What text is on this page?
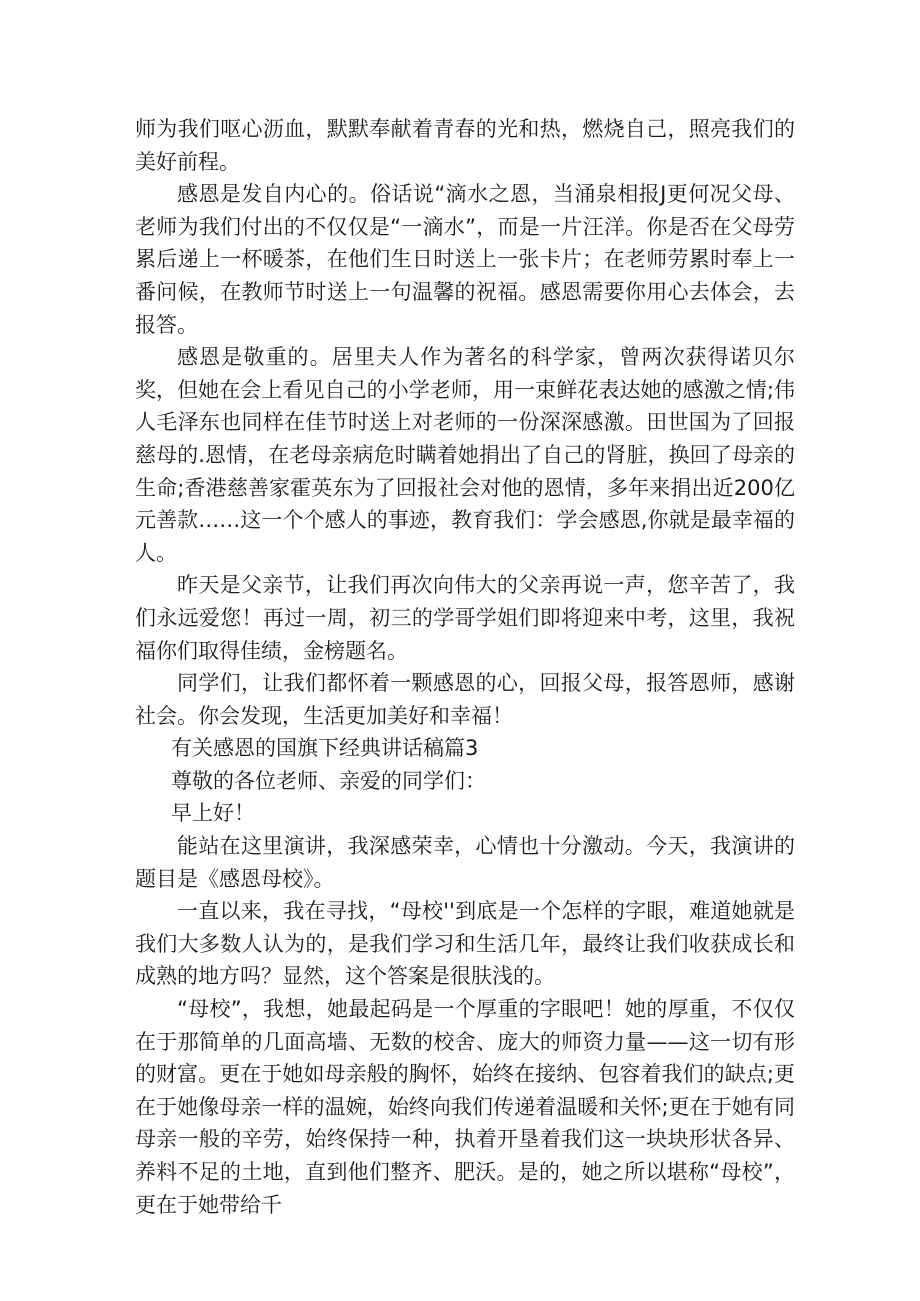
师为我们呕心沥血，默默奉献着青春的光和热，燃烧自己，照亮我们的美好前程。

感恩是发自内心的。俗话说“滴水之恩，当涌泉相报J更何况父母、老师为我们付出的不仅仅是“一滴水”，而是一片汪洋。你是否在父母劳累后递上一杯暖茶，在他们生日时送上一张卡片；在老师劳累时奉上一番问候，在教师节时送上一句温馨的祝福。感恩需要你用心去体会，去报答。

感恩是敬重的。居里夫人作为著名的科学家，曾两次获得诺贝尔奖，但她在会上看见自己的小学老师，用一束鲜花表达她的感激之情;伟人毛泽东也同样在佳节时送上对老师的一份深深感激。田世国为了回报慈母的.恩情，在老母亲病危时瞒着她捐出了自己的肾脏，换回了母亲的生命;香港慈善家霍英东为了回报社会对他的恩情，多年来捐出近200亿元善款……这一个个感人的事迹，教育我们：学会感恩,你就是最幸福的人。

昨天是父亲节，让我们再次向伟大的父亲再说一声，您辛苦了，我们永远爱您！再过一周，初三的学哥学姐们即将迎来中考，这里，我祝福你们取得佳绩，金榜题名。

同学们，让我们都怀着一颗感恩的心，回报父母，报答恩师，感谢社会。你会发现，生活更加美好和幸福！

有关感恩的国旗下经典讲话稿篇3

尊敬的各位老师、亲爱的同学们：

早上好！

能站在这里演讲，我深感荣幸，心情也十分激动。今天，我演讲的题目是《感恩母校》。

一直以来，我在寻找，“母校''到底是一个怎样的字眼，难道她就是我们大多数人认为的，是我们学习和生活几年，最终让我们收获成长和成熟的地方吗？显然，这个答案是很肤浅的。

“母校”，我想，她最起码是一个厚重的字眼吧！她的厚重，不仅仅在于那简单的几面高墙、无数的校舍、庞大的师资力量——这一切有形的财富。更在于她如母亲般的胸怀，始终在接纳、包容着我们的缺点;更在于她像母亲一样的温婉，始终向我们传递着温暖和关怀;更在于她有同母亲一般的辛劳，始终保持一种，执着开垦着我们这一块块形状各异、养料不足的土地，直到他们整齐、肥沃。是的，她之所以堪称“母校”，更在于她带给千
